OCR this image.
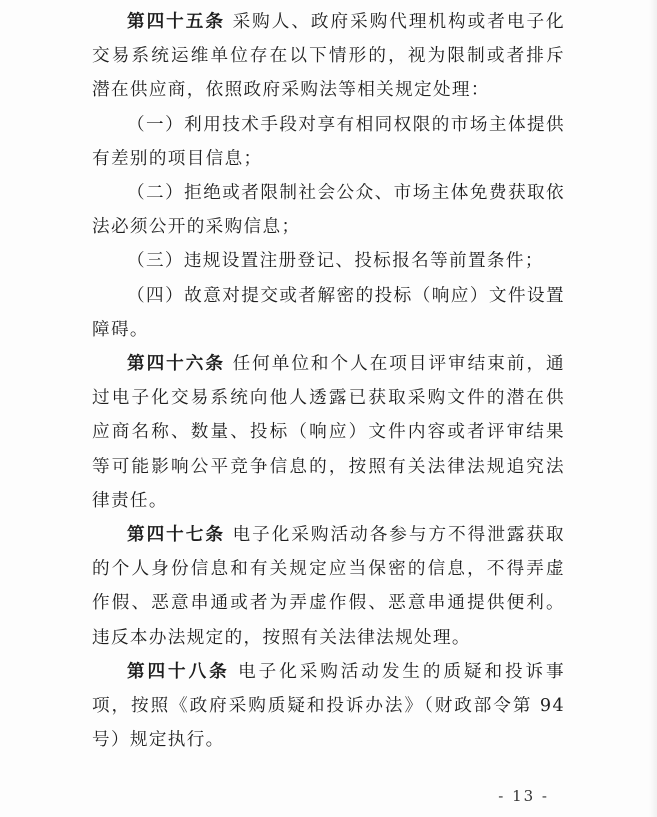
第四十五条 采购人、政府采购代理机构或者电子化交易系统运维单位存在以下情形的，视为限制或者排斥潜在供应商，依照政府采购法等相关规定处理：

（一）利用技术手段对享有相同权限的市场主体提供有差别的项目信息；

（二）拒绝或者限制社会公众、市场主体免费获取依法必须公开的采购信息；

（三）违规设置注册登记、投标报名等前置条件；

（四）故意对提交或者解密的投标（响应）文件设置障碍。

第四十六条 任何单位和个人在项目评审结束前，通过电子化交易系统向他人透露已获取采购文件的潜在供应商名称、数量、投标（响应）文件内容或者评审结果等可能影响公平竞争信息的，按照有关法律法规追究法律责任。

第四十七条 电子化采购活动各参与方不得泄露获取的个人身份信息和有关规定应当保密的信息，不得弄虚作假、恶意串通或者为弄虚作假、恶意串通提供便利。违反本办法规定的，按照有关法律法规处理。

第四十八条 电子化采购活动发生的质疑和投诉事项，按照《政府采购质疑和投诉办法》（财政部令第 94 号）规定执行。

- 13 -
